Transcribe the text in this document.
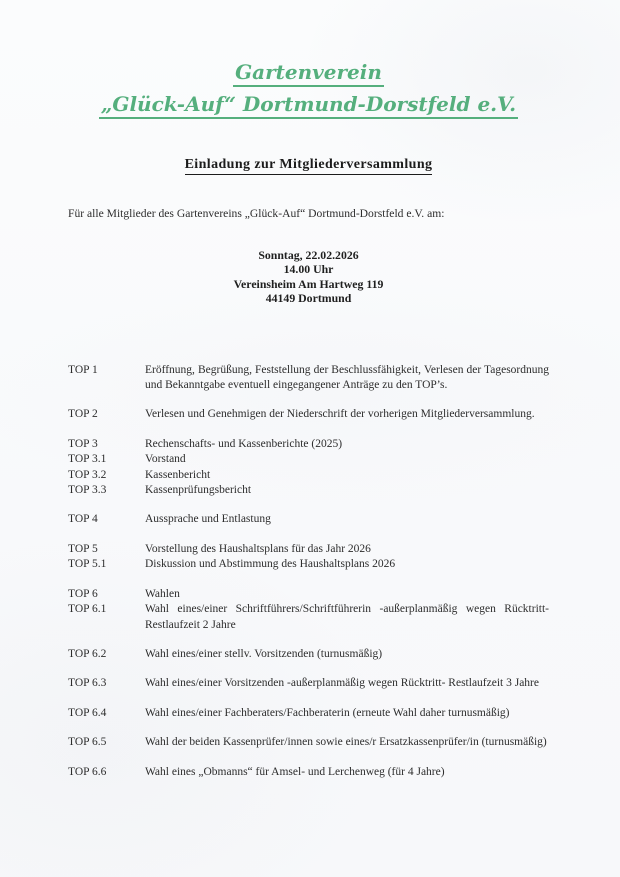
Gartenverein
„Glück-Auf“ Dortmund-Dorstfeld e.V.
Einladung zur Mitgliederversammlung

Für alle Mitglieder des Gartenvereins „Glück-Auf“ Dortmund-Dorstfeld e.V. am:

Sonntag, 22.02.2026
14.00 Uhr
Vereinsheim Am Hartweg 119
44149 Dortmund
TOP 1	Eröffnung, Begrüßung, Feststellung der Beschlussfähigkeit, Verlesen der Tagesordnung und Bekanntgabe eventuell eingegangener Anträge zu den TOP’s.
TOP 2	Verlesen und Genehmigen der Niederschrift der vorherigen Mitgliederversammlung.
TOP 3	Rechenschafts- und Kassenberichte (2025)
TOP 3.1	Vorstand
TOP 3.2	Kassenbericht
TOP 3.3	Kassenprüfungsbericht
TOP 4	Aussprache und Entlastung
TOP 5	Vorstellung des Haushaltsplans für das Jahr 2026
TOP 5.1	Diskussion und Abstimmung des Haushaltsplans 2026
TOP 6	Wahlen
TOP 6.1	Wahl eines/einer Schriftführers/Schriftführerin -außerplanmäßig wegen Rücktritt- Restlaufzeit 2 Jahre
TOP 6.2	Wahl eines/einer stellv. Vorsitzenden (turnusmäßig)
TOP 6.3	Wahl eines/einer Vorsitzenden -außerplanmäßig wegen Rücktritt- Restlaufzeit 3 Jahre
TOP 6.4	Wahl eines/einer Fachberaters/Fachberaterin (erneute Wahl daher turnusmäßig)
TOP 6.5	Wahl der beiden Kassenprüfer/innen sowie eines/r Ersatzkassenprüfer/in (turnusmäßig)
TOP 6.6	Wahl eines „Obmanns“ für Amsel- und Lerchenweg (für 4 Jahre)
